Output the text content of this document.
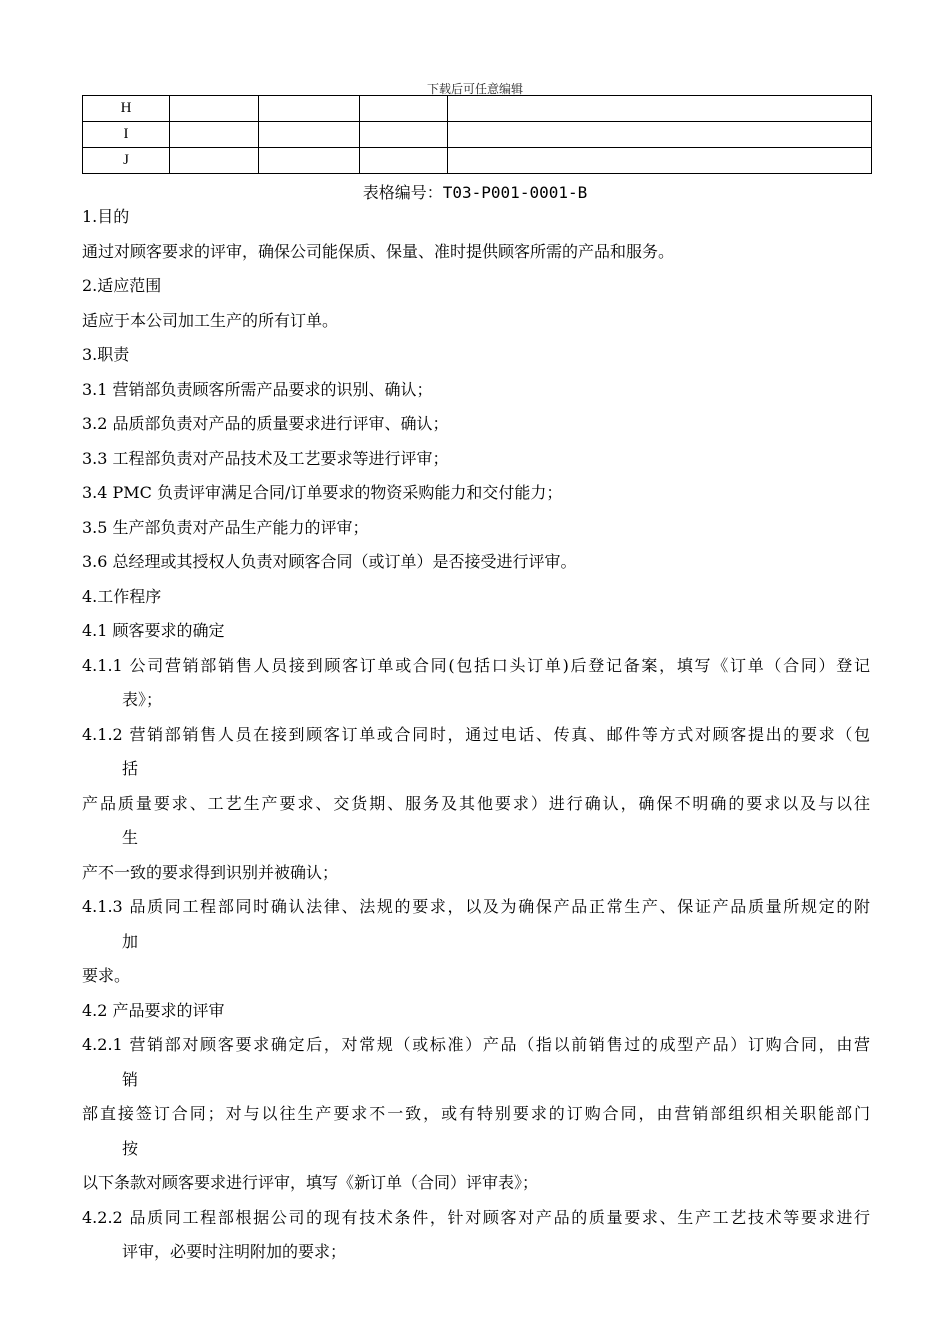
下载后可任意编辑
H				
I				
J				
表格编号：T03-P001-0001-B

1.目的

通过对顾客要求的评审，确保公司能保质、保量、准时提供顾客所需的产品和服务。

2.适应范围

适应于本公司加工生产的所有订单。

3.职责

3.1 营销部负责顾客所需产品要求的识别、确认；

3.2 品质部负责对产品的质量要求进行评审、确认；

3.3 工程部负责对产品技术及工艺要求等进行评审；

3.4 PMC 负责评审满足合同/订单要求的物资采购能力和交付能力；

3.5 生产部负责对产品生产能力的评审；

3.6 总经理或其授权人负责对顾客合同（或订单）是否接受进行评审。

4.工作程序

4.1 顾客要求的确定

4.1.1 公司营销部销售人员接到顾客订单或合同(包括口头订单)后登记备案，填写《订单（合同）登记

表》；

4.1.2 营销部销售人员在接到顾客订单或合同时，通过电话、传真、邮件等方式对顾客提出的要求（包

括

产品质量要求、工艺生产要求、交货期、服务及其他要求）进行确认，确保不明确的要求以及与以往

生

产不一致的要求得到识别并被确认；

4.1.3 品质同工程部同时确认法律、法规的要求，以及为确保产品正常生产、保证产品质量所规定的附

加

要求。

4.2 产品要求的评审

4.2.1 营销部对顾客要求确定后，对常规（或标准）产品（指以前销售过的成型产品）订购合同，由营

销

部直接签订合同；对与以往生产要求不一致，或有特别要求的订购合同，由营销部组织相关职能部门

按

以下条款对顾客要求进行评审，填写《新订单（合同）评审表》；

4.2.2 品质同工程部根据公司的现有技术条件，针对顾客对产品的质量要求、生产工艺技术等要求进行

评审，必要时注明附加的要求；
